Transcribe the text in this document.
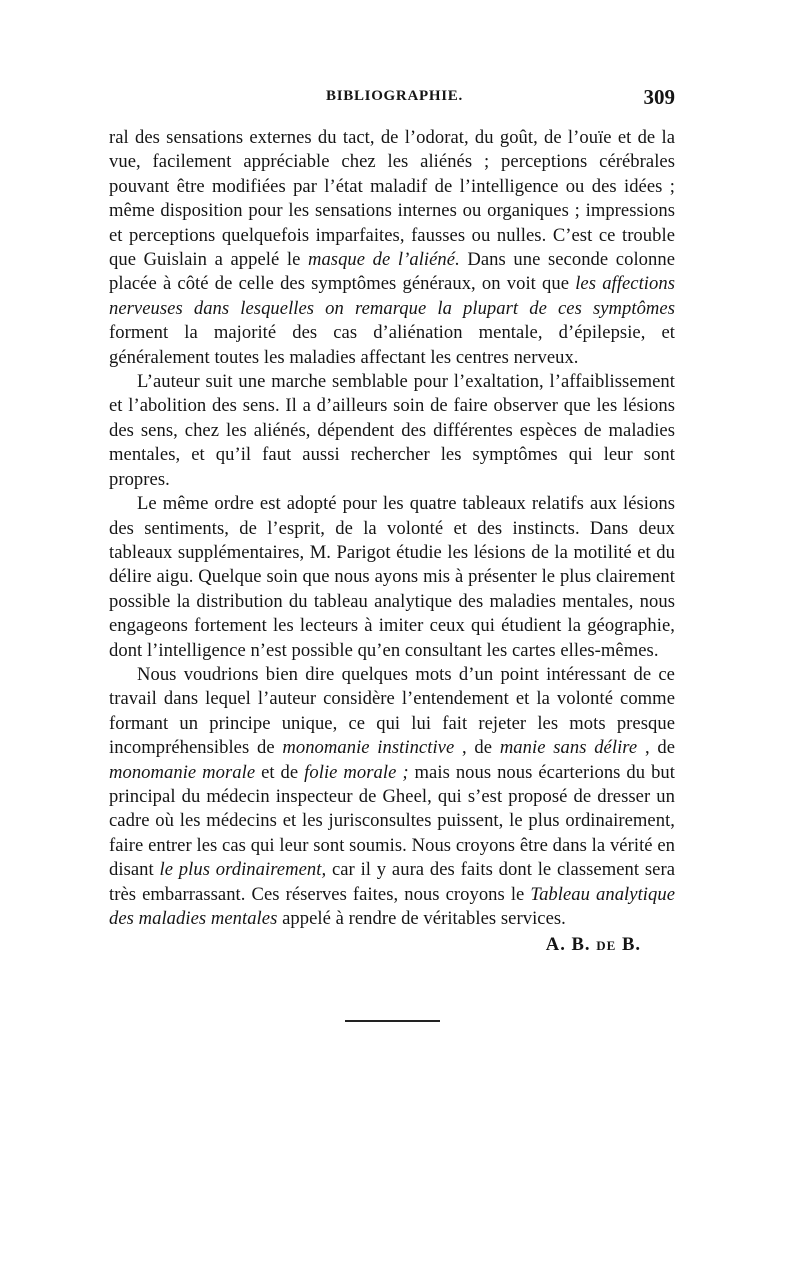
BIBLIOGRAPHIE.	309

ral des sensations externes du tact, de l’odorat, du goût, de l’ouïe et de la vue, facilement appréciable chez les aliénés ; perceptions cérébrales pouvant être modifiées par l’état maladif de l’intelligence ou des idées ; même disposition pour les sensations internes ou organiques ; impressions et perceptions quelquefois imparfaites, fausses ou nulles. C’est ce trouble que Guislain a appelé le masque de l’aliéné. Dans une seconde colonne placée à côté de celle des symptômes généraux, on voit que les affections nerveuses dans lesquelles on remarque la plupart de ces symptômes forment la majorité des cas d’aliénation mentale, d’épilepsie, et généralement toutes les maladies affectant les centres nerveux.

L’auteur suit une marche semblable pour l’exaltation, l’affaiblissement et l’abolition des sens. Il a d’ailleurs soin de faire observer que les lésions des sens, chez les aliénés, dépendent des différentes espèces de maladies mentales, et qu’il faut aussi rechercher les symptômes qui leur sont propres.

Le même ordre est adopté pour les quatre tableaux relatifs aux lésions des sentiments, de l’esprit, de la volonté et des instincts. Dans deux tableaux supplémentaires, M. Parigot étudie les lésions de la motilité et du délire aigu. Quelque soin que nous ayons mis à présenter le plus clairement possible la distribution du tableau analytique des maladies mentales, nous engageons fortement les lecteurs à imiter ceux qui étudient la géographie, dont l’intelligence n’est possible qu’en consultant les cartes elles-mêmes.

Nous voudrions bien dire quelques mots d’un point intéressant de ce travail dans lequel l’auteur considère l’entendement et la volonté comme formant un principe unique, ce qui lui fait rejeter les mots presque incompréhensibles de monomanie instinctive , de manie sans délire , de monomanie morale et de folie morale ; mais nous nous écarterions du but principal du médecin inspecteur de Gheel, qui s’est proposé de dresser un cadre où les médecins et les jurisconsultes puissent, le plus ordinairement, faire entrer les cas qui leur sont soumis. Nous croyons être dans la vérité en disant le plus ordinairement, car il y aura des faits dont le classement sera très embarrassant. Ces réserves faites, nous croyons le Tableau analytique des maladies mentales appelé à rendre de véritables services.

A. B. de B.
